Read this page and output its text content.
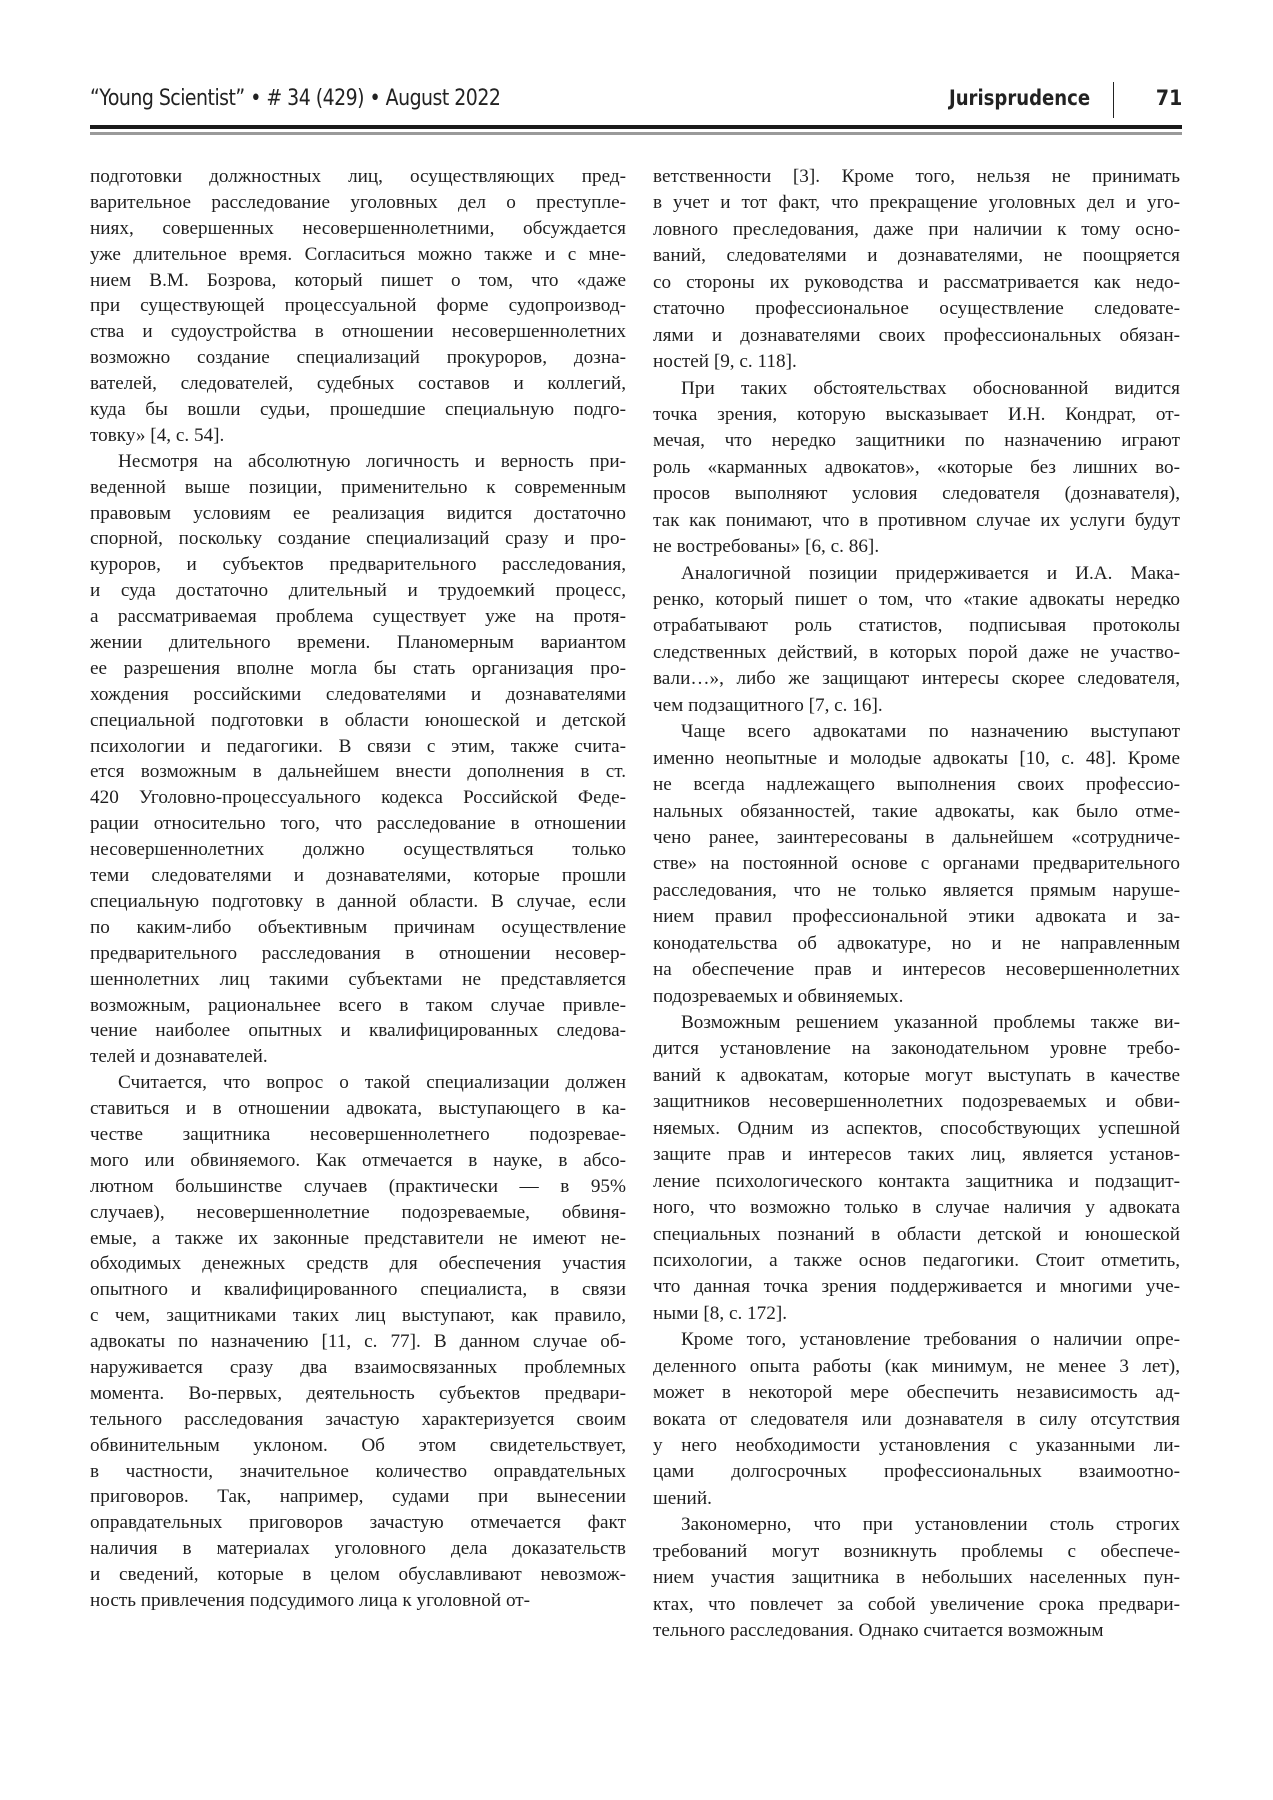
“Young Scientist” • # 34 (429) • August 2022	Jurisprudence	71
подготовки должностных лиц, осуществляющих пред-
варительное расследование уголовных дел о преступле-
ниях, совершенных несовершеннолетними, обсуждается
уже длительное время. Согласиться можно также и с мне-
нием В.М. Бозрова, который пишет о том, что «даже
при существующей процессуальной форме судопроизвод-
ства и судоустройства в отношении несовершеннолетних
возможно создание специализаций прокуроров, дозна-
вателей, следователей, судебных составов и коллегий,
куда бы вошли судьи, прошедшие специальную подго-
товку» [4, с. 54].
Несмотря на абсолютную логичность и верность при-
веденной выше позиции, применительно к современным
правовым условиям ее реализация видится достаточно
спорной, поскольку создание специализаций сразу и про-
куроров, и субъектов предварительного расследования,
и суда достаточно длительный и трудоемкий процесс,
а рассматриваемая проблема существует уже на протя-
жении длительного времени. Планомерным вариантом
ее разрешения вполне могла бы стать организация про-
хождения российскими следователями и дознавателями
специальной подготовки в области юношеской и детской
психологии и педагогики. В связи с этим, также счита-
ется возможным в дальнейшем внести дополнения в ст.
420 Уголовно-процессуального кодекса Российской Феде-
рации относительно того, что расследование в отношении
несовершеннолетних должно осуществляться только
теми следователями и дознавателями, которые прошли
специальную подготовку в данной области. В случае, если
по каким-либо объективным причинам осуществление
предварительного расследования в отношении несовер-
шеннолетних лиц такими субъектами не представляется
возможным, рациональнее всего в таком случае привле-
чение наиболее опытных и квалифицированных следова-
телей и дознавателей.
Считается, что вопрос о такой специализации должен
ставиться и в отношении адвоката, выступающего в ка-
честве защитника несовершеннолетнего подозревае-
мого или обвиняемого. Как отмечается в науке, в абсо-
лютном большинстве случаев (практически — в 95%
случаев), несовершеннолетние подозреваемые, обвиня-
емые, а также их законные представители не имеют не-
обходимых денежных средств для обеспечения участия
опытного и квалифицированного специалиста, в связи
с чем, защитниками таких лиц выступают, как правило,
адвокаты по назначению [11, с. 77]. В данном случае об-
наруживается сразу два взаимосвязанных проблемных
момента. Во-первых, деятельность субъектов предвари-
тельного расследования зачастую характеризуется своим
обвинительным уклоном. Об этом свидетельствует,
в частности, значительное количество оправдательных
приговоров. Так, например, судами при вынесении
оправдательных приговоров зачастую отмечается факт
наличия в материалах уголовного дела доказательств
и сведений, которые в целом обуславливают невозмож-
ность привлечения подсудимого лица к уголовной от-
ветственности [3]. Кроме того, нельзя не принимать
в учет и тот факт, что прекращение уголовных дел и уго-
ловного преследования, даже при наличии к тому осно-
ваний, следователями и дознавателями, не поощряется
со стороны их руководства и рассматривается как недо-
статочно профессиональное осуществление следовате-
лями и дознавателями своих профессиональных обязан-
ностей [9, с. 118].
При таких обстоятельствах обоснованной видится
точка зрения, которую высказывает И.Н. Кондрат, от-
мечая, что нередко защитники по назначению играют
роль «карманных адвокатов», «которые без лишних во-
просов выполняют условия следователя (дознавателя),
так как понимают, что в противном случае их услуги будут
не востребованы» [6, с. 86].
Аналогичной позиции придерживается и И.А. Мака-
ренко, который пишет о том, что «такие адвокаты нередко
отрабатывают роль статистов, подписывая протоколы
следственных действий, в которых порой даже не участво-
вали…», либо же защищают интересы скорее следователя,
чем подзащитного [7, с. 16].
Чаще всего адвокатами по назначению выступают
именно неопытные и молодые адвокаты [10, с. 48]. Кроме
не всегда надлежащего выполнения своих профессио-
нальных обязанностей, такие адвокаты, как было отме-
чено ранее, заинтересованы в дальнейшем «сотрудниче-
стве» на постоянной основе с органами предварительного
расследования, что не только является прямым наруше-
нием правил профессиональной этики адвоката и за-
конодательства об адвокатуре, но и не направленным
на обеспечение прав и интересов несовершеннолетних
подозреваемых и обвиняемых.
Возможным решением указанной проблемы также ви-
дится установление на законодательном уровне требо-
ваний к адвокатам, которые могут выступать в качестве
защитников несовершеннолетних подозреваемых и обви-
няемых. Одним из аспектов, способствующих успешной
защите прав и интересов таких лиц, является установ-
ление психологического контакта защитника и подзащит-
ного, что возможно только в случае наличия у адвоката
специальных познаний в области детской и юношеской
психологии, а также основ педагогики. Стоит отметить,
что данная точка зрения поддерживается и многими уче-
ными [8, с. 172].
Кроме того, установление требования о наличии опре-
деленного опыта работы (как минимум, не менее 3 лет),
может в некоторой мере обеспечить независимость ад-
воката от следователя или дознавателя в силу отсутствия
у него необходимости установления с указанными ли-
цами долгосрочных профессиональных взаимоотно-
шений.
Закономерно, что при установлении столь строгих
требований могут возникнуть проблемы с обеспече-
нием участия защитника в небольших населенных пун-
ктах, что повлечет за собой увеличение срока предвари-
тельного расследования. Однако считается возможным
